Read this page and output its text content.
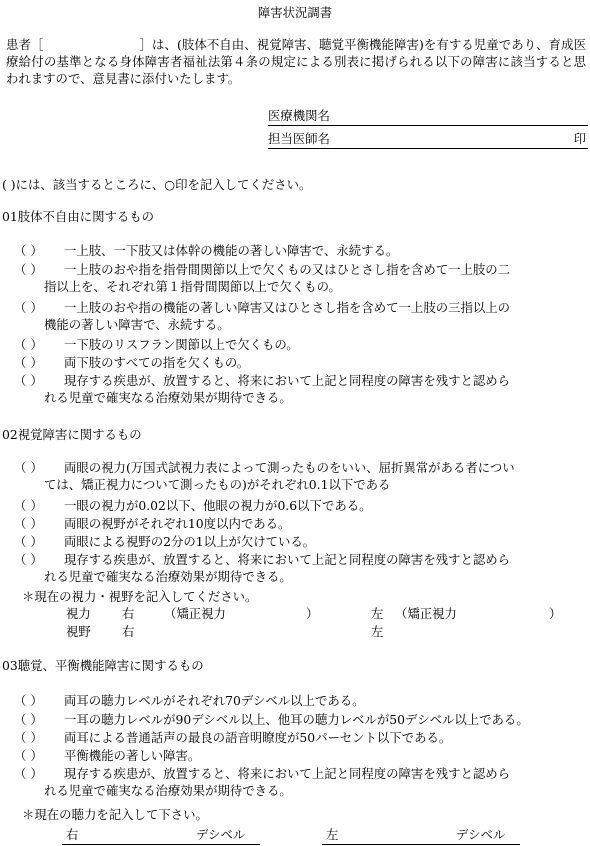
障害状況調書
患者［	］は、(肢体不自由、視覚障害、聴覚平衡機能障害)を有する児童であり、育成医療給付の基準となる身体障害者福祉法第４条の規定による別表に掲げられる以下の障害に該当すると思われますので、意見書に添付いたします。
医療機関名
担当医師名	印
( )には、該当するところに、○印を記入してください。
01肢体不自由に関するもの
（ ） 一上肢、一下肢又は体幹の機能の著しい障害で、永続する。
（ ） 一上肢のおや指を指骨間関節以上で欠くもの又はひとさし指を含めて一上肢の二
指以上を、それぞれ第１指骨間関節以上で欠くもの。
（ ） 一上肢のおや指の機能の著しい障害又はひとさし指を含めて一上肢の三指以上の
機能の著しい障害で、永続する。
（ ） 一下肢のリスフラン関節以上で欠くもの。
（ ） 両下肢のすべての指を欠くもの。
（ ） 現存する疾患が、放置すると、将来において上記と同程度の障害を残すと認めら
れる児童で確実なる治療効果が期待できる。
02視覚障害に関するもの
（ ） 両眼の視力(万国式試視力表によって測ったものをいい、屈折異常がある者につい
ては、矯正視力について測ったもの)がそれぞれ0.1以下である
（ ） 一眼の視力が0.02以下、他眼の視力が0.6以下である。
（ ） 両眼の視野がそれぞれ10度以内である。
（ ） 両眼による視野の2分の1以上が欠けている。
（ ） 現存する疾患が、放置すると、将来において上記と同程度の障害を残すと認めら
れる児童で確実なる治療効果が期待できる。
＊現在の視力・視野を記入してください。
視力	右 （矯正視力	）	左 （矯正視力	）
視野	右	左
03聴覚、平衡機能障害に関するもの
（ ） 両耳の聴力レベルがそれぞれ70デシベル以上である。
（ ） 一耳の聴力レベルが90デシベル以上、他耳の聴力レベルが50デシベル以上である。
（ ） 両耳による普通話声の最良の語音明瞭度が50パーセント以下である。
（ ） 平衡機能の著しい障害。
（ ） 現存する疾患が、放置すると、将来において上記と同程度の障害を残すと認めら
れる児童で確実なる治療効果が期待できる。
＊現在の聴力を記入して下さい。
右	デシベル	左	デシベル
